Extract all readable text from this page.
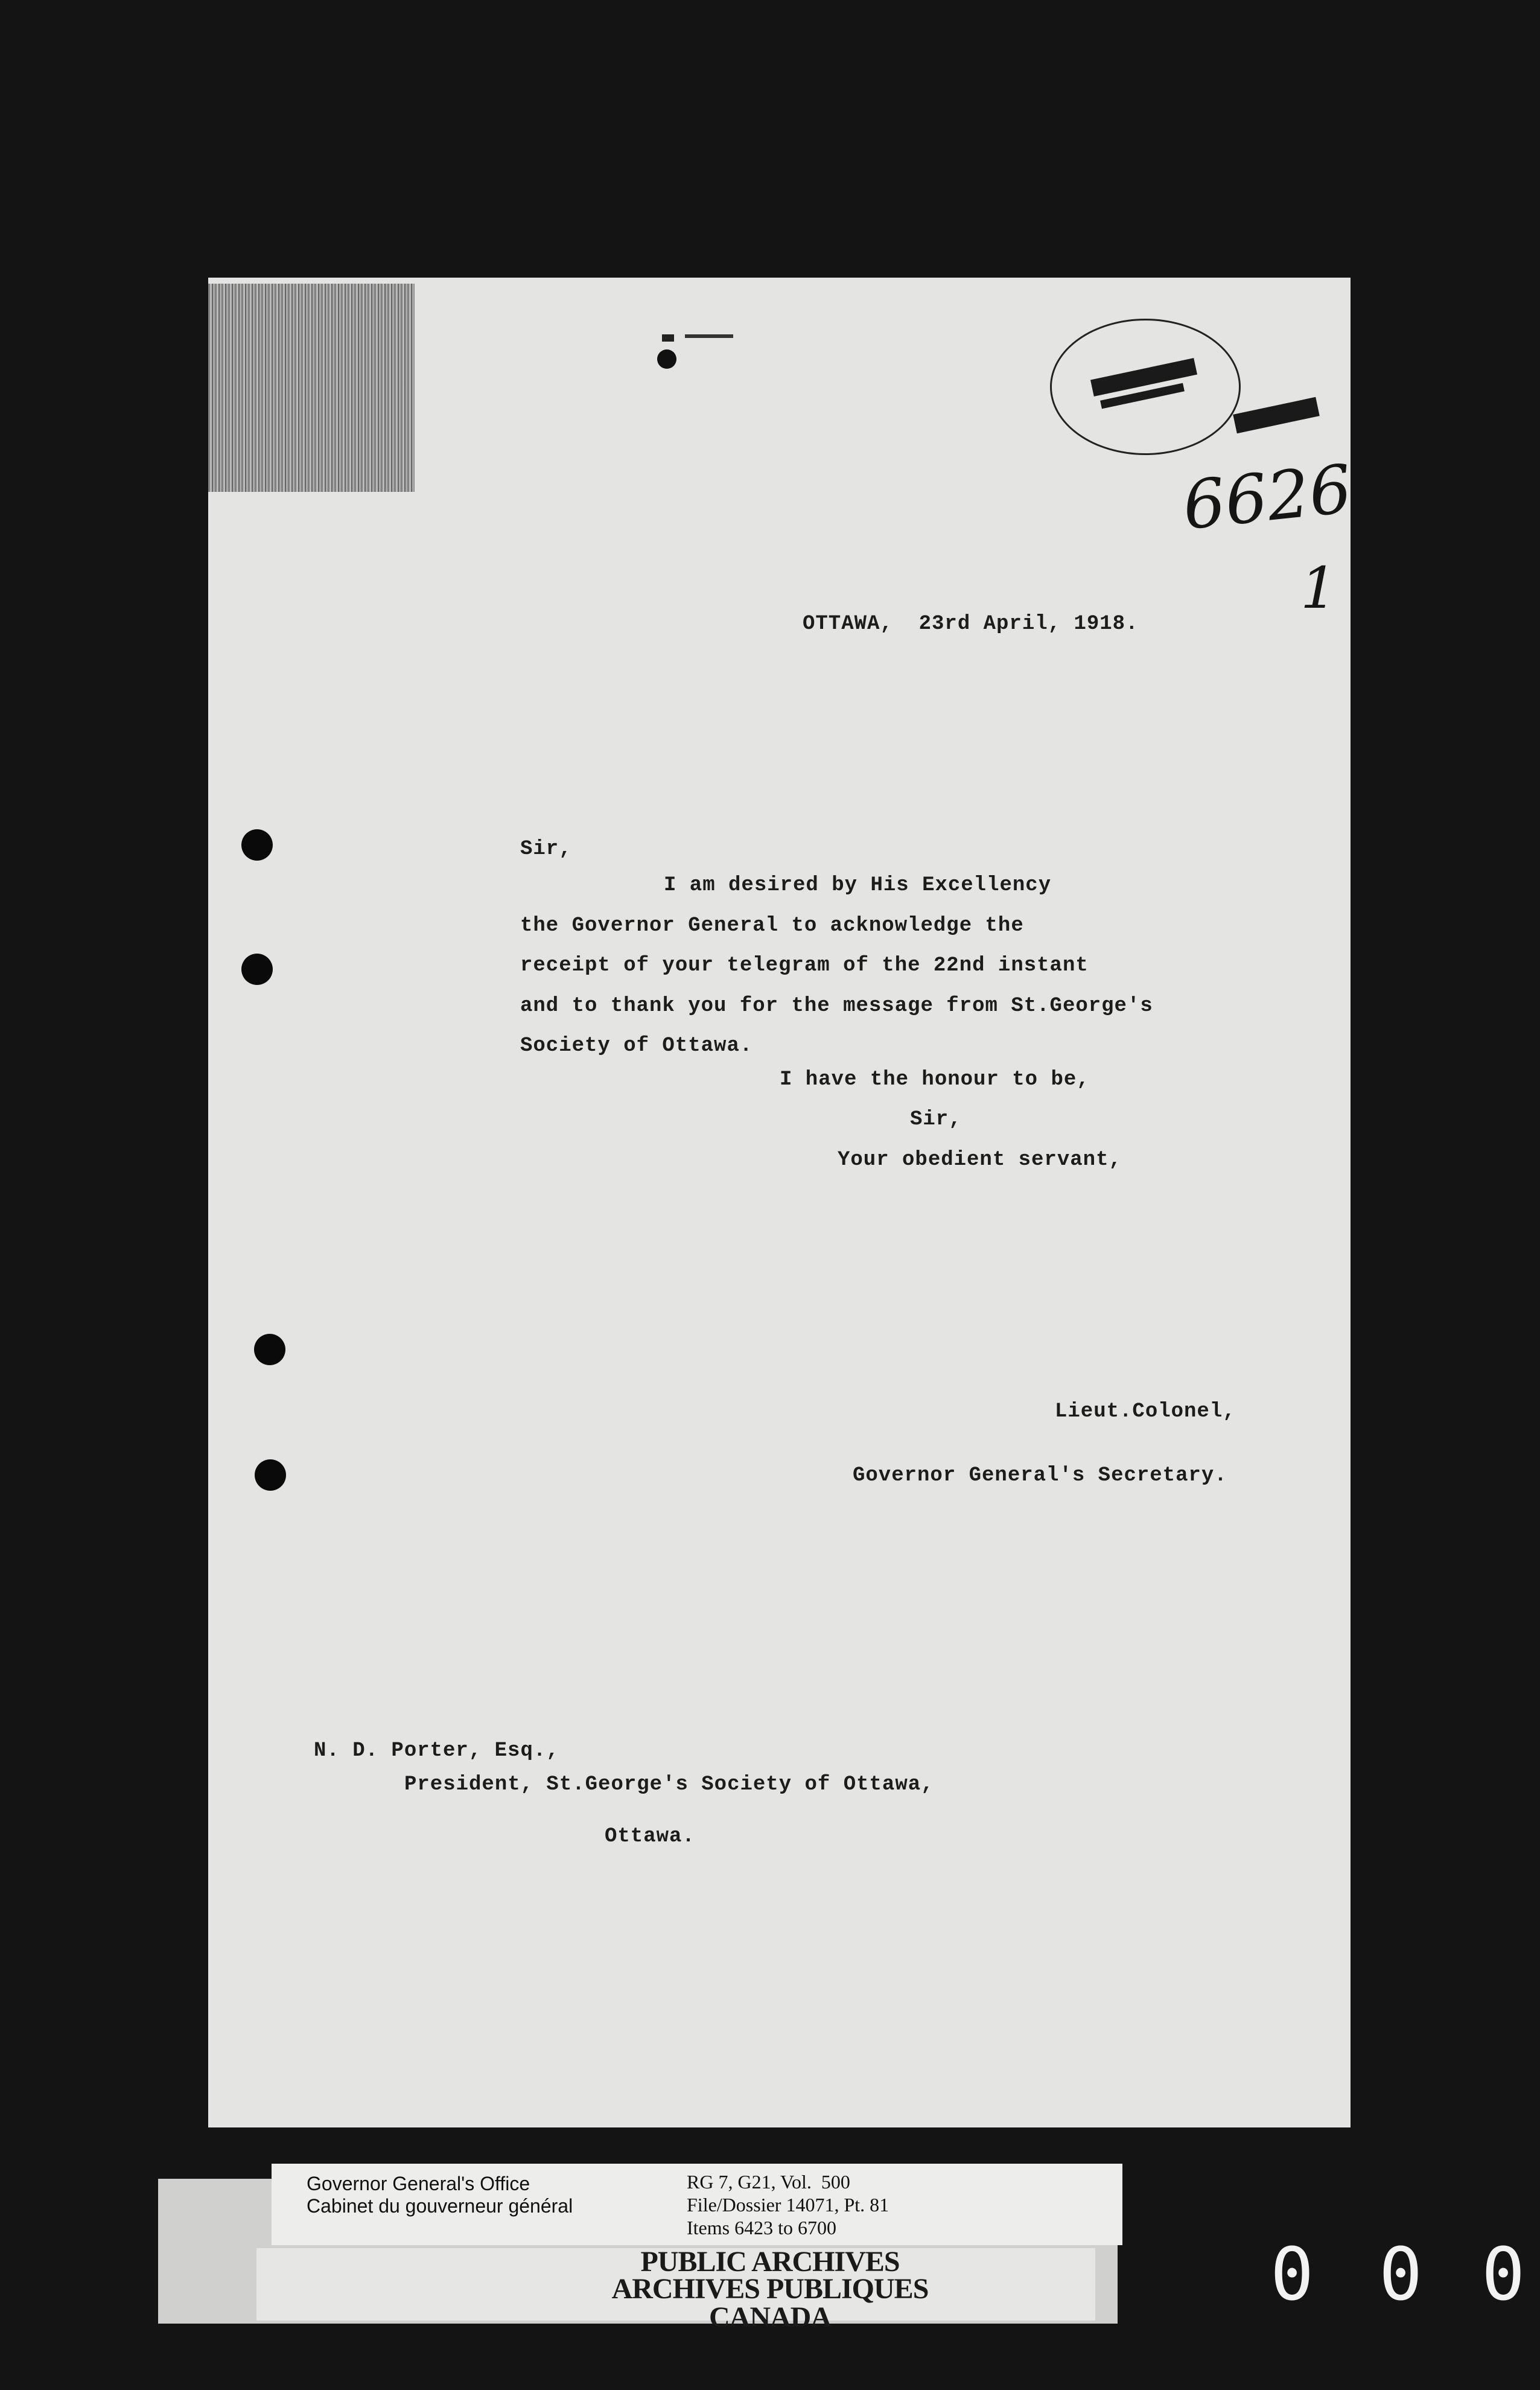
6626
1
OTTAWA,  23rd April, 1918.
Sir,
I am desired by His Excellency
the Governor General to acknowledge the
receipt of your telegram of the 22nd instant
and to thank you for the message from St.George's
Society of Ottawa.
I have the honour to be,
Sir,
Your obedient servant,
Lieut.Colonel,
Governor General's Secretary.
N. D. Porter, Esq.,
President, St.George's Society of Ottawa,
Ottawa.
Governor General's Office
Cabinet du gouverneur général
RG 7, G21, Vol.  500
File/Dossier 14071, Pt. 81
Items 6423 to 6700
PUBLIC ARCHIVES
ARCHIVES PUBLIQUES
CANADA
0 0 0
